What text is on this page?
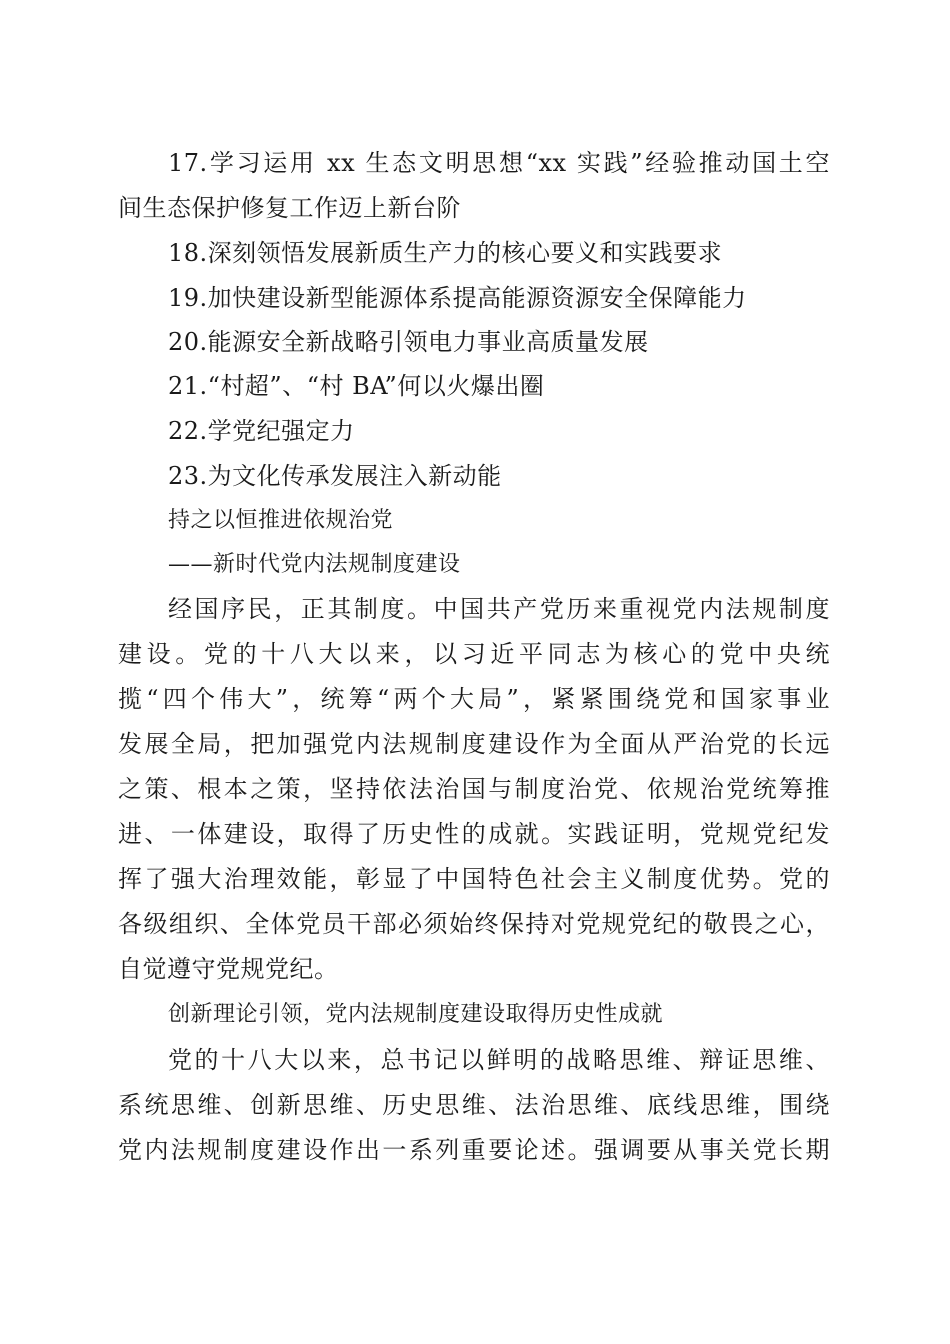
17.学习运用 xx 生态文明思想“xx 实践”经验推动国土空
间生态保护修复工作迈上新台阶
18.深刻领悟发展新质生产力的核心要义和实践要求
19.加快建设新型能源体系提高能源资源安全保障能力
20.能源安全新战略引领电力事业高质量发展
21.“村超”、“村 BA”何以火爆出圈
22.学党纪强定力
23.为文化传承发展注入新动能
持之以恒推进依规治党
——新时代党内法规制度建设
经国序民，正其制度。中国共产党历来重视党内法规制度
建设。党的十八大以来，以习近平同志为核心的党中央统
揽“四个伟大”，统筹“两个大局”，紧紧围绕党和国家事业
发展全局，把加强党内法规制度建设作为全面从严治党的长远
之策、根本之策，坚持依法治国与制度治党、依规治党统筹推
进、一体建设，取得了历史性的成就。实践证明，党规党纪发
挥了强大治理效能，彰显了中国特色社会主义制度优势。党的
各级组织、全体党员干部必须始终保持对党规党纪的敬畏之心，
自觉遵守党规党纪。
创新理论引领，党内法规制度建设取得历史性成就
党的十八大以来，总书记以鲜明的战略思维、辩证思维、
系统思维、创新思维、历史思维、法治思维、底线思维，围绕
党内法规制度建设作出一系列重要论述。强调要从事关党长期
